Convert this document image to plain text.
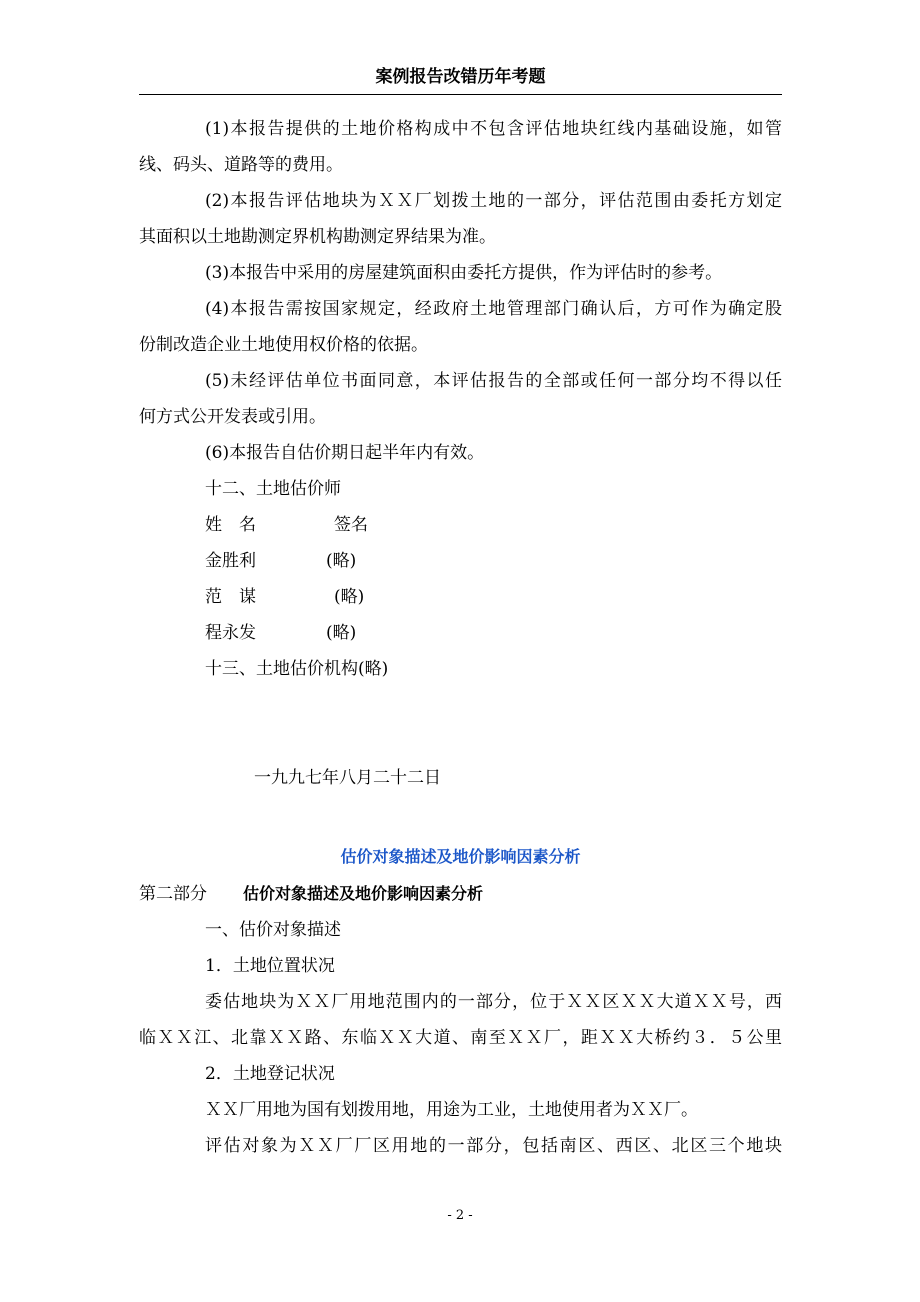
案例报告改错历年考题
(1)本报告提供的土地价格构成中不包含评估地块红线内基础设施，如管
线、码头、道路等的费用。
(2)本报告评估地块为ＸＸ厂划拨土地的一部分，评估范围由委托方划定
其面积以土地勘测定界机构勘测定界结果为准。
(3)本报告中采用的房屋建筑面积由委托方提供，作为评估时的参考。
(4)本报告需按国家规定，经政府土地管理部门确认后，方可作为确定股
份制改造企业土地使用权价格的依据。
(5)未经评估单位书面同意，本评估报告的全部或任何一部分均不得以任
何方式公开发表或引用。
(6)本报告自估价期日起半年内有效。
十二、土地估价师
姓　名	签名
金胜利	(略)
范　谋	(略)
程永发	(略)
十三、土地估价机构(略)
一九九七年八月二十二日
估价对象描述及地价影响因素分析
第二部分 估价对象描述及地价影响因素分析
一、估价对象描述
1．土地位置状况
委估地块为ＸＸ厂用地范围内的一部分，位于ＸＸ区ＸＸ大道ＸＸ号，西
临ＸＸ江、北靠ＸＸ路、东临ＸＸ大道、南至ＸＸ厂，距ＸＸ大桥约３．５公里
2．土地登记状况
ＸＸ厂用地为国有划拨用地，用途为工业，土地使用者为ＸＸ厂。
评估对象为ＸＸ厂厂区用地的一部分，包括南区、西区、北区三个地块
- 2 -
